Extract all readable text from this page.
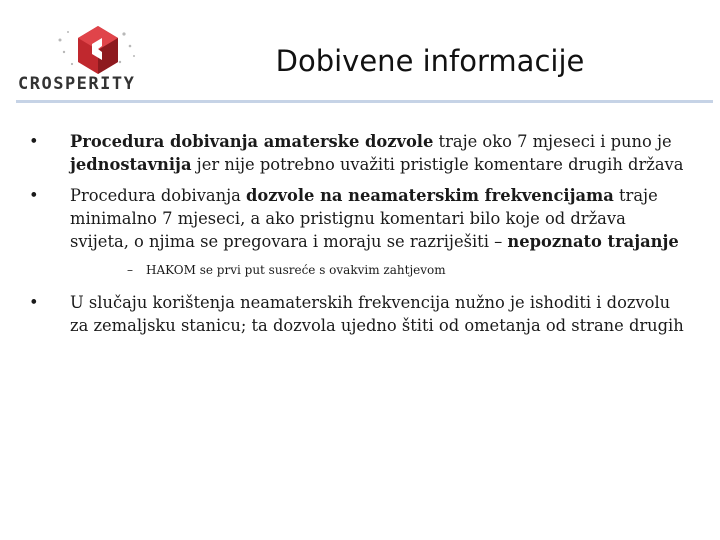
CROSPERITY
Dobivene informacije
• Procedura dobivanja amaterske dozvole traje oko 7 mjeseci i puno je jednostavnija jer nije potrebno uvažiti pristigle komentare drugih država
• Procedura dobivanja dozvole na neamaterskim frekvencijama traje minimalno 7 mjeseci, a ako pristignu komentari bilo koje od država svijeta, o njima se pregovara i moraju se razriješiti – nepoznato trajanje
– HAKOM se prvi put susreće s ovakvim zahtjevom
• U slučaju korištenja neamaterskih frekvencija nužno je ishoditi i dozvolu za zemaljsku stanicu; ta dozvola ujedno štiti od ometanja od strane drugih
